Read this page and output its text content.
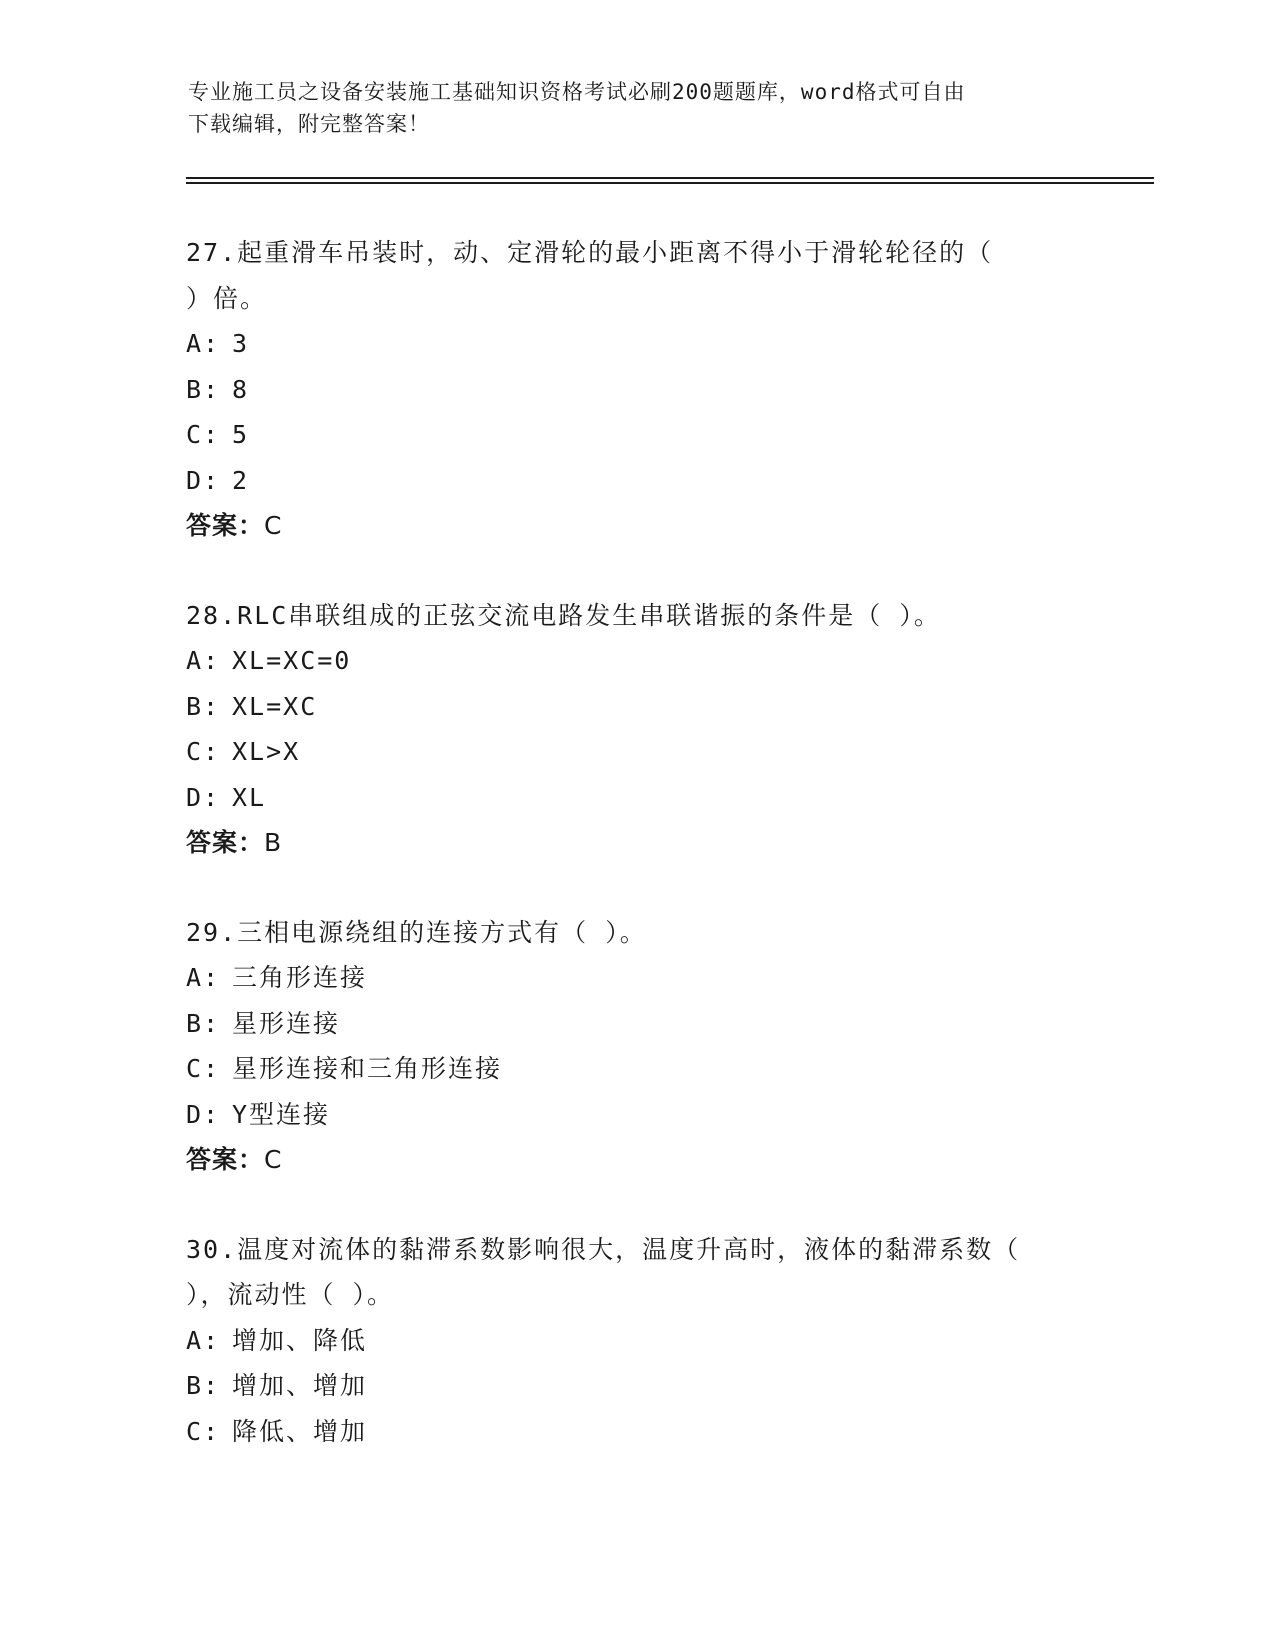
专业施工员之设备安装施工基础知识资格考试必刷200题题库，word格式可自由
下载编辑，附完整答案！
27.起重滑车吊装时，动、定滑轮的最小距离不得小于滑轮轮径的（
）倍。
A: 3
B: 8
C: 5
D: 2
答案：C
28.RLC串联组成的正弦交流电路发生串联谐振的条件是（ ）。
A: XL=XC=0
B: XL=XC
C: XL>X
D: XL
答案：B
29.三相电源绕组的连接方式有（ ）。
A: 三角形连接
B: 星形连接
C: 星形连接和三角形连接
D: Y型连接
答案：C
30.温度对流体的黏滞系数影响很大，温度升高时，液体的黏滞系数（
），流动性（ ）。
A: 增加、降低
B: 增加、增加
C: 降低、增加
